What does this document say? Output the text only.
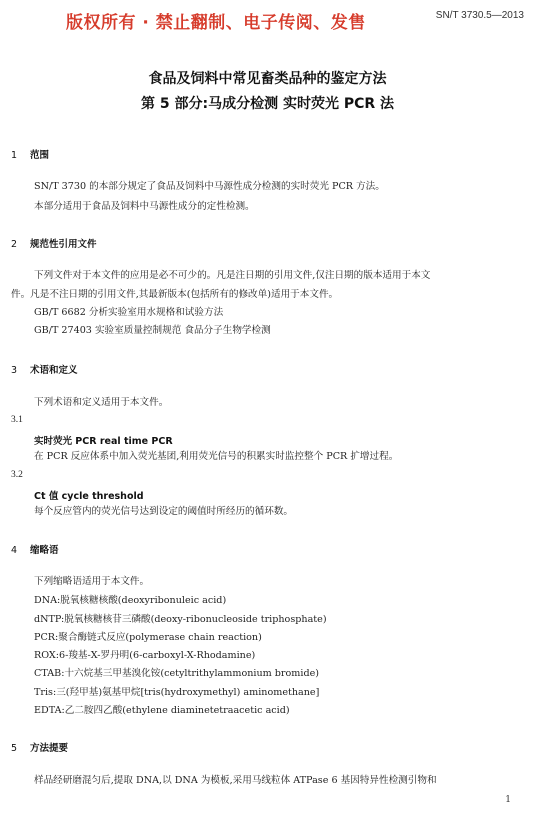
版权所有 · 禁止翻制、电子传阅、发售	SN/T 3730.5—2013
食品及饲料中常见畜类品种的鉴定方法
第 5 部分:马成分检测 实时荧光 PCR 法
1 范围
SN/T 3730 的本部分规定了食品及饲料中马源性成分检测的实时荧光 PCR 方法。
本部分适用于食品及饲料中马源性成分的定性检测。
2 规范性引用文件
下列文件对于本文件的应用是必不可少的。凡是注日期的引用文件,仅注日期的版本适用于本文
件。凡是不注日期的引用文件,其最新版本(包括所有的修改单)适用于本文件。
GB/T 6682 分析实验室用水规格和试验方法
GB/T 27403 实验室质量控制规范 食品分子生物学检测
3 术语和定义
下列术语和定义适用于本文件。
3.1
实时荧光 PCR real time PCR
在 PCR 反应体系中加入荧光基团,利用荧光信号的积累实时监控整个 PCR 扩增过程。
3.2
Ct 值 cycle threshold
每个反应管内的荧光信号达到设定的阈值时所经历的循环数。
4 缩略语
下列缩略语适用于本文件。
DNA:脱氧核糖核酸(deoxyribonuleic acid)
dNTP:脱氧核糖核苷三磷酸(deoxy-ribonucleoside triphosphate)
PCR:聚合酶链式反应(polymerase chain reaction)
ROX:6-羧基-X-罗丹明(6-carboxyl-X-Rhodamine)
CTAB:十六烷基三甲基溴化铵(cetyltrithylammonium bromide)
Tris:三(羟甲基)氨基甲烷[tris(hydroxymethyl) aminomethane]
EDTA:乙二胺四乙酸(ethylene diaminetetraacetic acid)
5 方法提要
样品经研磨混匀后,提取 DNA,以 DNA 为模板,采用马线粒体 ATPase 6 基因特异性检测引物和
1
